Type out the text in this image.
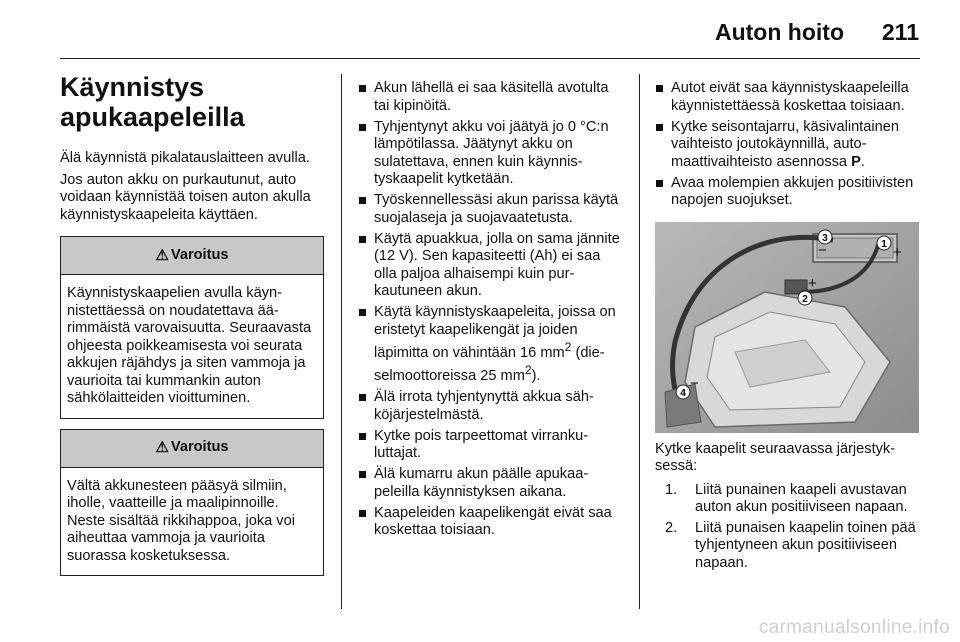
Auton hoito 211
Käynnistys
apukaapeleilla

Älä käynnistä pikalatauslaitteen avulla.

Jos auton akku on purkautunut, auto voidaan käynnistää toisen auton akulla käynnistyskaapeleita käyttäen.

⚠ Varoitus
Käynnistyskaapelien avulla käynnistettäessä on noudatettava äärimmäistä varovaisuutta. Seuraavasta ohjeesta poikkeamisesta voi seurata akkujen räjähdys ja siten vammoja ja vaurioita tai kummankin auton sähkölaitteiden vioittuminen.
⚠ Varoitus
Vältä akkunesteen pääsyä silmiin, iholle, vaatteille ja maalipinnoille. Neste sisältää rikkihappoa, joka voi aiheuttaa vammoja ja vaurioita suorassa kosketuksessa.
Akun lähellä ei saa käsitellä avotulta tai kipinöitä.
Tyhjentynyt akku voi jäätyä jo 0 °C:n lämpötilassa. Jäätynyt akku on sulatettava, ennen kuin käynnistyskaapelit kytketään.
Työskennellessäsi akun parissa käytä suojalaseja ja suojavaatetusta.
Käytä apuakkua, jolla on sama jännite (12 V). Sen kapasiteetti (Ah) ei saa olla paljoa alhaisempi kuin purkautuneen akun.
Käytä käynnistyskaapeleita, joissa on eristetyt kaapelikengät ja joiden läpimitta on vähintään 16 $mm^2$ (dieselmoottoreissa 25 $mm^2$).
Älä irrota tyhjentynyttä akkua sähköjärjestelmästä.
Kytke pois tarpeettomat virrankuluttajat.
Älä kumarru akun päälle apukaapeleilla käynnistyksen aikana.
Kaapeleiden kaapelikengät eivät saa koskettaa toisiaan.
Autot eivät saa käynnistyskaapeleilla käynnistettäessä koskettaa toisiaan.
Kytke seisontajarru, käsivalintainen vaihteisto joutokäynnillä, automaattivaihteisto asennossa P.
Avaa molempien akkujen positiivisten napojen suojukset.
1
2
3
4
+
+
−
−

Kytke kaapelit seuraavassa järjestyksessä:

1. Liitä punainen kaapeli avustavan auton akun positiiviseen napaan.
2. Liitä punaisen kaapelin toinen pää tyhjentyneen akun positiiviseen napaan.
carmanualsonline.info
